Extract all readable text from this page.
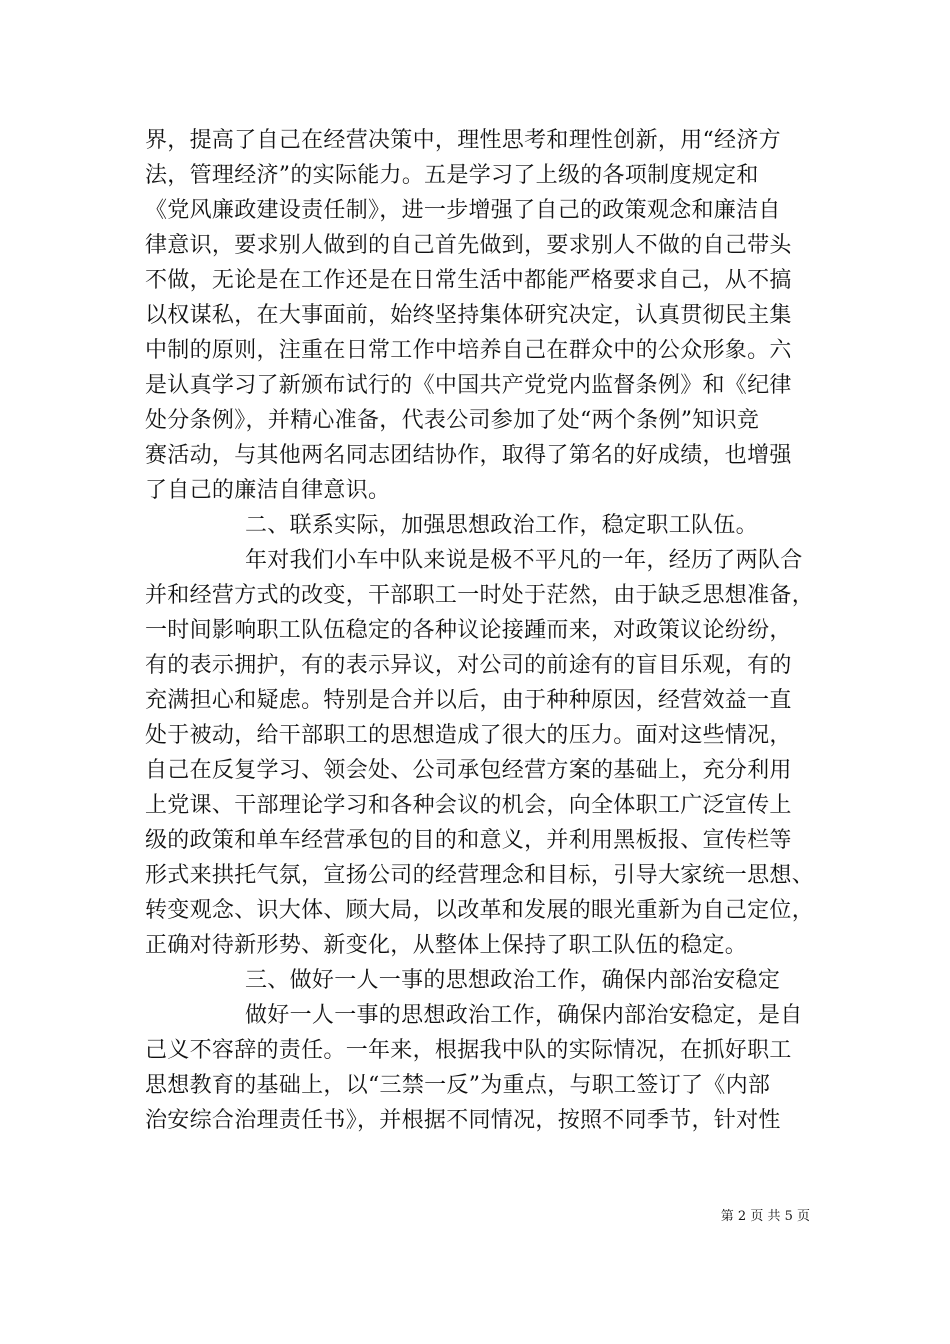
界，提高了自己在经营决策中，理性思考和理性创新，用“经济方
法，管理经济”的实际能力。五是学习了上级的各项制度规定和
《党风廉政建设责任制》，进一步增强了自己的政策观念和廉洁自
律意识，要求别人做到的自己首先做到，要求别人不做的自己带头
不做，无论是在工作还是在日常生活中都能严格要求自己，从不搞
以权谋私，在大事面前，始终坚持集体研究决定，认真贯彻民主集
中制的原则，注重在日常工作中培养自己在群众中的公众形象。六
是认真学习了新颁布试行的《中国共产党党内监督条例》和《纪律
处分条例》，并精心准备，代表公司参加了处“两个条例”知识竞
赛活动，与其他两名同志团结协作，取得了第名的好成绩，也增强
了自己的廉洁自律意识。
二、联系实际，加强思想政治工作，稳定职工队伍。
年对我们小车中队来说是极不平凡的一年，经历了两队合
并和经营方式的改变，干部职工一时处于茫然，由于缺乏思想准备，
一时间影响职工队伍稳定的各种议论接踵而来，对政策议论纷纷，
有的表示拥护，有的表示异议，对公司的前途有的盲目乐观，有的
充满担心和疑虑。特别是合并以后，由于种种原因，经营效益一直
处于被动，给干部职工的思想造成了很大的压力。面对这些情况，
自己在反复学习、领会处、公司承包经营方案的基础上，充分利用
上党课、干部理论学习和各种会议的机会，向全体职工广泛宣传上
级的政策和单车经营承包的目的和意义，并利用黑板报、宣传栏等
形式来拱托气氛，宣扬公司的经营理念和目标，引导大家统一思想、
转变观念、识大体、顾大局，以改革和发展的眼光重新为自己定位，
正确对待新形势、新变化，从整体上保持了职工队伍的稳定。
三、做好一人一事的思想政治工作，确保内部治安稳定
做好一人一事的思想政治工作，确保内部治安稳定，是自
己义不容辞的责任。一年来，根据我中队的实际情况，在抓好职工
思想教育的基础上，以“三禁一反”为重点，与职工签订了《内部
治安综合治理责任书》，并根据不同情况，按照不同季节，针对性
第 2 页 共 5 页
